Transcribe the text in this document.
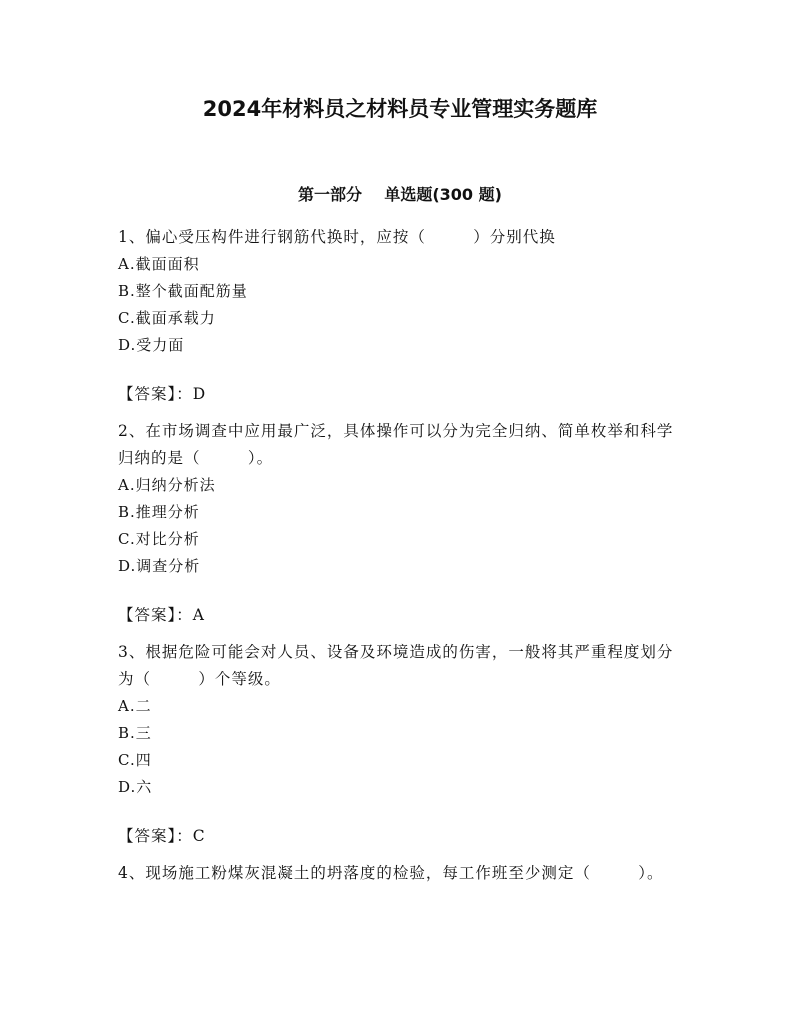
2024年材料员之材料员专业管理实务题库
第一部分    单选题(300 题)

1、偏心受压构件进行钢筋代换时，应按（        ）分别代换

A.截面面积

B.整个截面配筋量

C.截面承载力

D.受力面

【答案】：D

2、在市场调查中应用最广泛，具体操作可以分为完全归纳、简单枚举和科学归纳的是（        ）。

A.归纳分析法

B.推理分析

C.对比分析

D.调查分析

【答案】：A

3、根据危险可能会对人员、设备及环境造成的伤害，一般将其严重程度划分为（        ）个等级。

A.二

B.三

C.四

D.六

【答案】：C

4、现场施工粉煤灰混凝土的坍落度的检验，每工作班至少测定（        ）。
